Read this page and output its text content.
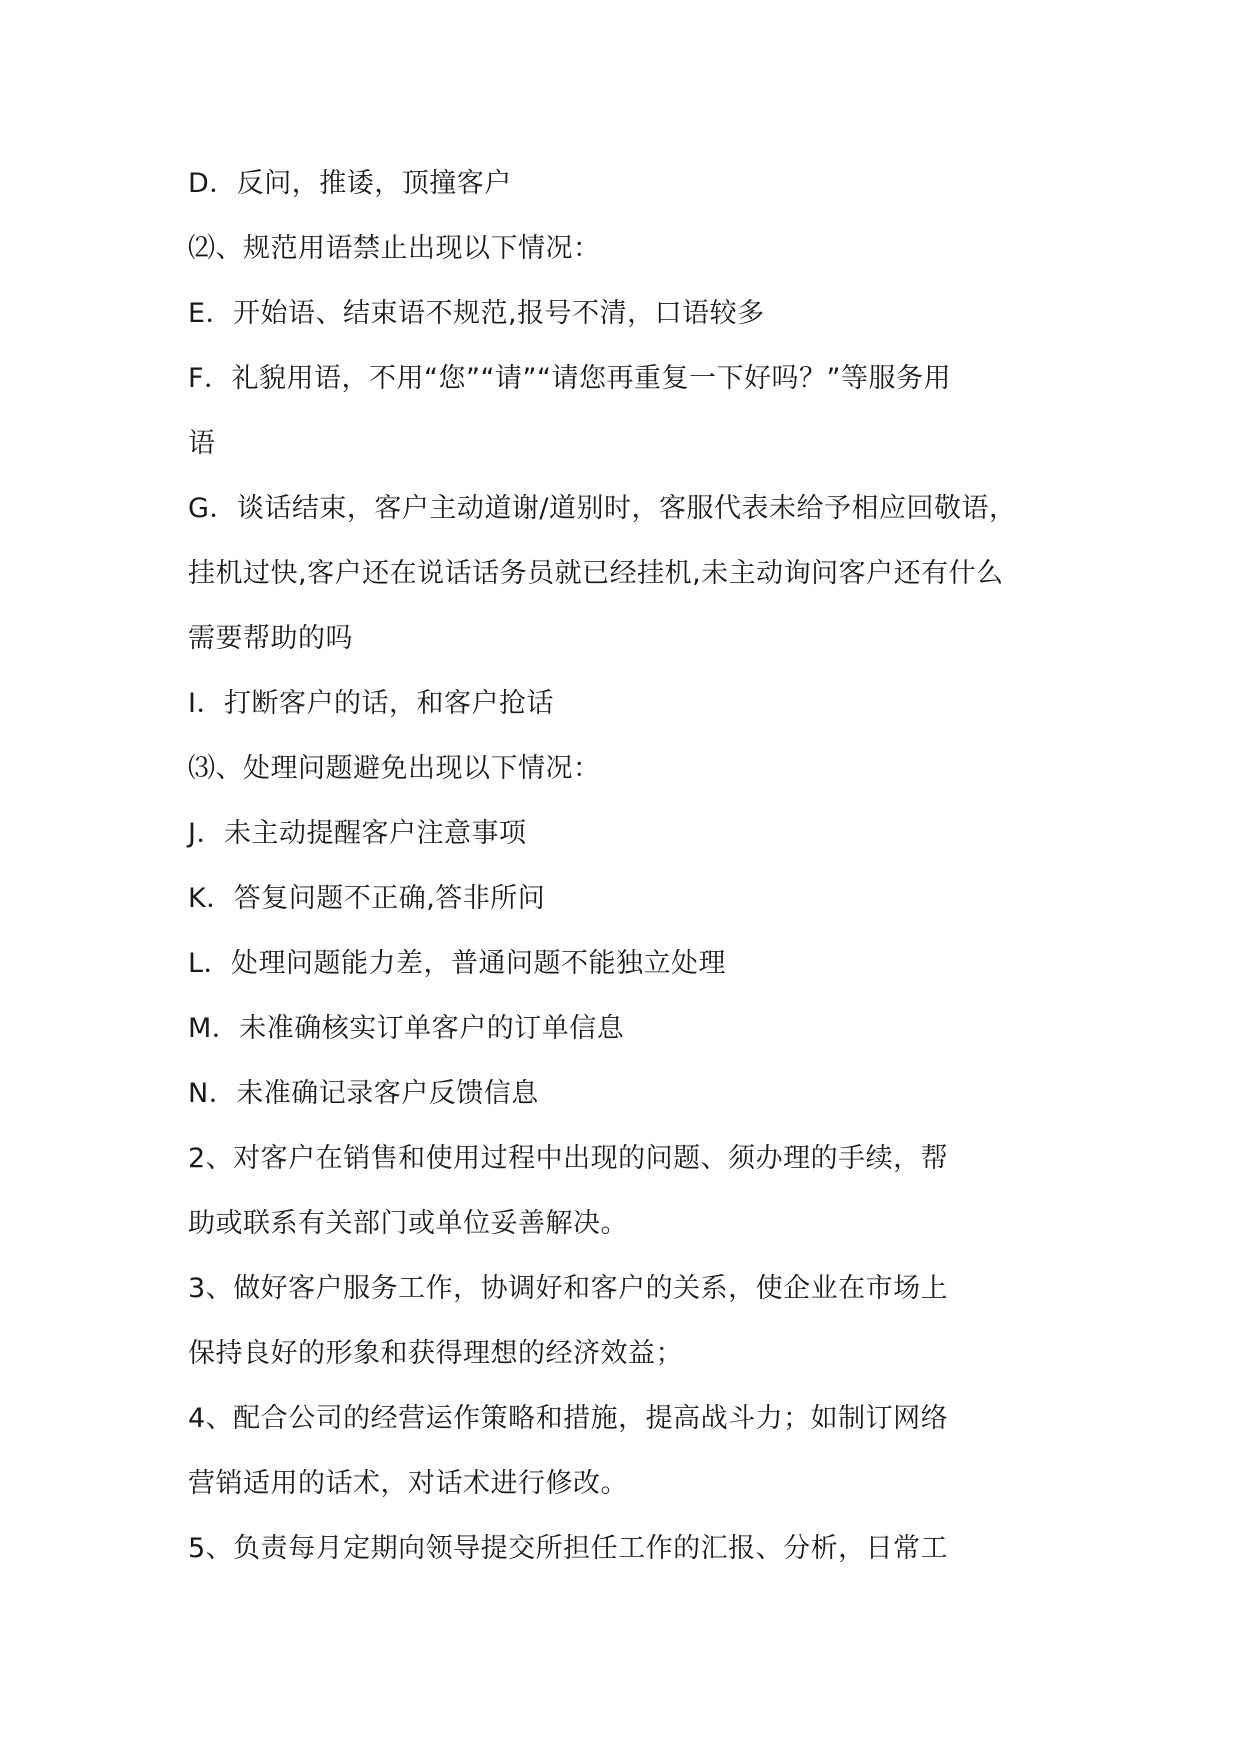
D．反问，推诿，顶撞客户
⑵、规范用语禁止出现以下情况：
E．开始语、结束语不规范,报号不清，口语较多
F．礼貌用语，不用“您”“请”“请您再重复一下好吗？”等服务用
语
G．谈话结束，客户主动道谢/道别时，客服代表未给予相应回敬语，
挂机过快,客户还在说话话务员就已经挂机,未主动询问客户还有什么
需要帮助的吗
I．打断客户的话，和客户抢话
⑶、处理问题避免出现以下情况：
J．未主动提醒客户注意事项
K．答复问题不正确,答非所问
L．处理问题能力差，普通问题不能独立处理
M．未准确核实订单客户的订单信息
N．未准确记录客户反馈信息
2、对客户在销售和使用过程中出现的问题、须办理的手续，帮
助或联系有关部门或单位妥善解决。
3、做好客户服务工作，协调好和客户的关系，使企业在市场上
保持良好的形象和获得理想的经济效益；
4、配合公司的经营运作策略和措施，提高战斗力；如制订网络
营销适用的话术，对话术进行修改。
5、负责每月定期向领导提交所担任工作的汇报、分析，日常工
